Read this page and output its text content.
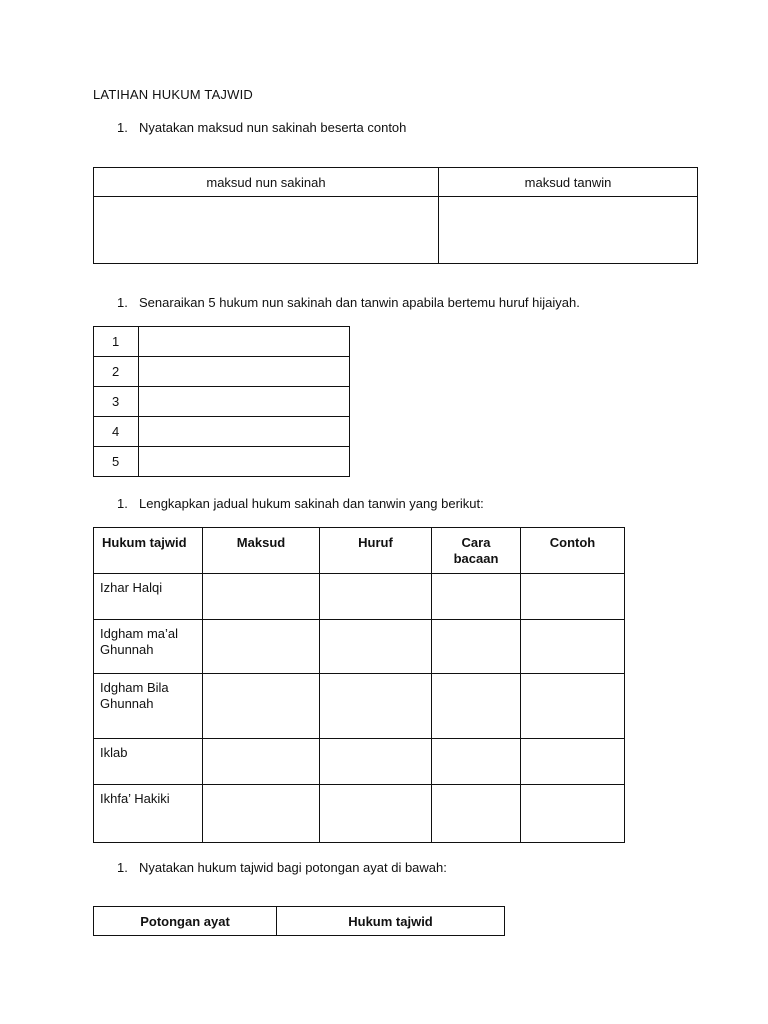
LATIHAN HUKUM TAJWID
1. Nyatakan maksud nun sakinah beserta contoh
maksud nun sakinah	maksud tanwin

1. Senaraikan 5 hukum nun sakinah dan tanwin apabila bertemu huruf hijaiyah.
1	
2	
3	
4	
5	
1. Lengkapkan jadual hukum sakinah dan tanwin yang berikut:
Hukum tajwid	Maksud	Huruf	Cara bacaan	Contoh
Izhar Halqi				
Idgham ma’al Ghunnah				
Idgham Bila Ghunnah				
Iklab				
Ikhfa’ Hakiki				
1. Nyatakan hukum tajwid bagi potongan ayat di bawah:
Potongan ayat	Hukum tajwid
